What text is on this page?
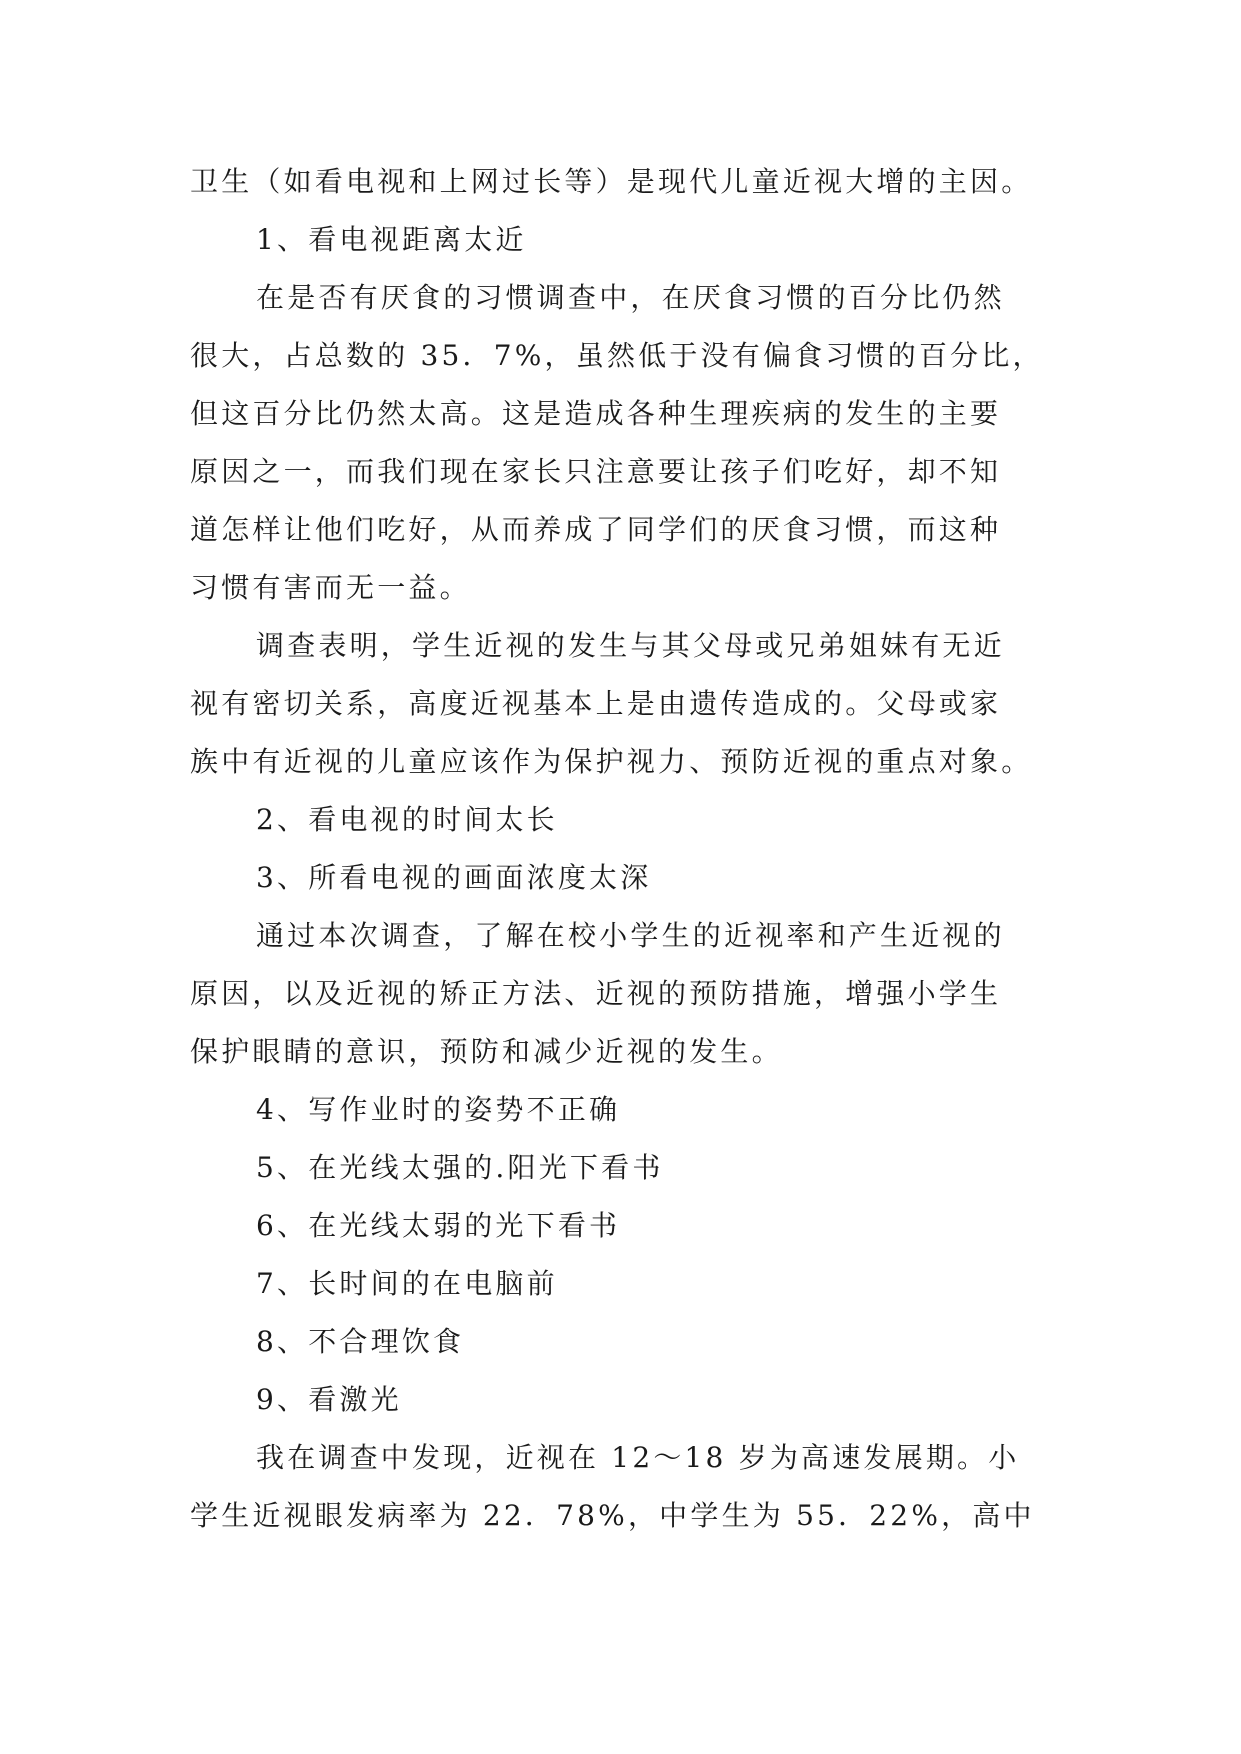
卫生（如看电视和上网过长等）是现代儿童近视大增的主因。
1、看电视距离太近
在是否有厌食的习惯调查中，在厌食习惯的百分比仍然
很大，占总数的 35．7%，虽然低于没有偏食习惯的百分比，
但这百分比仍然太高。这是造成各种生理疾病的发生的主要
原因之一，而我们现在家长只注意要让孩子们吃好，却不知
道怎样让他们吃好，从而养成了同学们的厌食习惯，而这种
习惯有害而无一益。
调查表明，学生近视的发生与其父母或兄弟姐妹有无近
视有密切关系，高度近视基本上是由遗传造成的。父母或家
族中有近视的儿童应该作为保护视力、预防近视的重点对象。
2、看电视的时间太长
3、所看电视的画面浓度太深
通过本次调查，了解在校小学生的近视率和产生近视的
原因，以及近视的矫正方法、近视的预防措施，增强小学生
保护眼睛的意识，预防和减少近视的发生。
4、写作业时的姿势不正确
5、在光线太强的.阳光下看书
6、在光线太弱的光下看书
7、长时间的在电脑前
8、不合理饮食
9、看激光
我在调查中发现，近视在 12～18 岁为高速发展期。小
学生近视眼发病率为 22．78%，中学生为 55．22%，高中
